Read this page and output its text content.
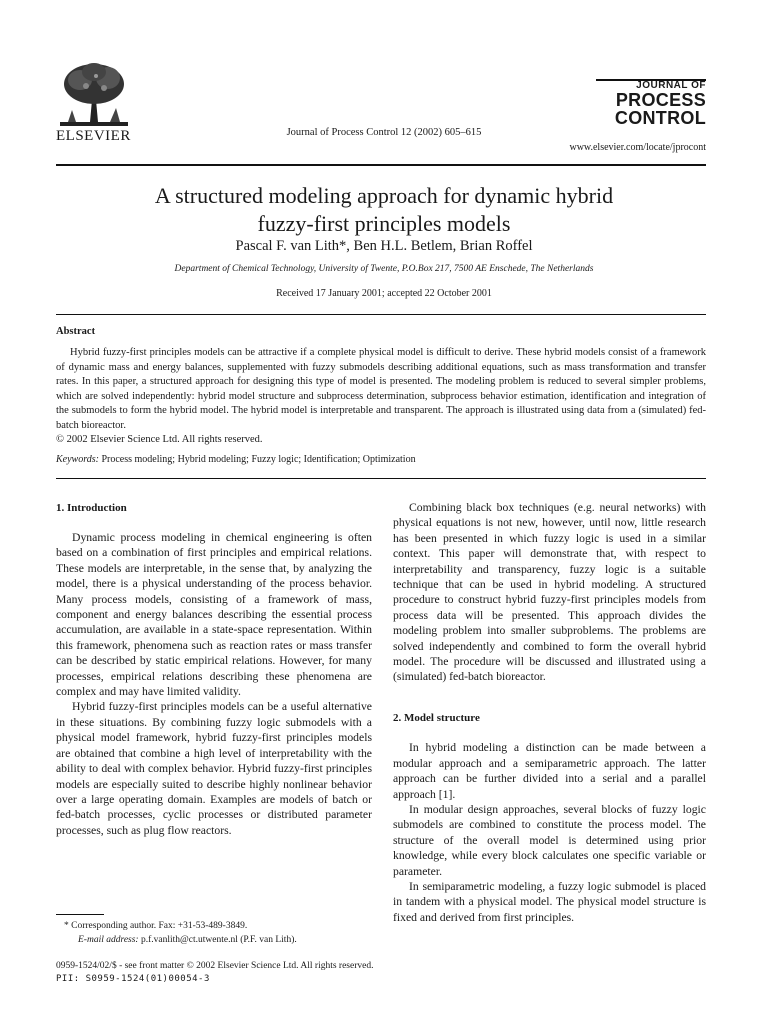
ELSEVIER	Journal of Process Control 12 (2002) 605–615
JOURNAL OF
PROCESS
CONTROL
www.elsevier.com/locate/jprocont
A structured modeling approach for dynamic hybrid
fuzzy-first principles models
Pascal F. van Lith*, Ben H.L. Betlem, Brian Roffel
Department of Chemical Technology, University of Twente, P.O.Box 217, 7500 AE Enschede, The Netherlands
Received 17 January 2001; accepted 22 October 2001
Abstract
Hybrid fuzzy-first principles models can be attractive if a complete physical model is difficult to derive. These hybrid models consist of a framework of dynamic mass and energy balances, supplemented with fuzzy submodels describing additional equations, such as mass transformation and transfer rates. In this paper, a structured approach for designing this type of model is presented. The modeling problem is reduced to several simpler problems, which are solved independently: hybrid model structure and subprocess determination, subprocess behavior estimation, identification and integration of the submodels to form the hybrid model. The hybrid model is interpretable and transparent. The approach is illustrated using data from a (simulated) fed-batch bioreactor.
© 2002 Elsevier Science Ltd. All rights reserved.
Keywords: Process modeling; Hybrid modeling; Fuzzy logic; Identification; Optimization
1. Introduction

Dynamic process modeling in chemical engineering is often based on a combination of first principles and empirical relations. These models are interpretable, in the sense that, by analyzing the model, there is a physical understanding of the process behavior. Many process models, consisting of a framework of mass, component and energy balances describing the essential process accumulation, are available in a state-space representation. Within this framework, phenomena such as reaction rates or mass transfer can be described by static empirical relations. However, for many processes, empirical relations describing these phenomena are complex and may have limited validity.

Hybrid fuzzy-first principles models can be a useful alternative in these situations. By combining fuzzy logic submodels with a physical model framework, hybrid fuzzy-first principles models are obtained that combine a high level of interpretability with the ability to deal with complex behavior. Hybrid fuzzy-first principles models are especially suited to describe highly nonlinear behavior over a large operating domain. Examples are models of batch or fed-batch processes, cyclic processes or distributed parameter processes, such as plug flow reactors.

Combining black box techniques (e.g. neural networks) with physical equations is not new, however, until now, little research has been presented in which fuzzy logic is used in a similar context. This paper will demonstrate that, with respect to interpretability and transparency, fuzzy logic is a suitable technique that can be used in hybrid modeling. A structured procedure to construct hybrid fuzzy-first principles models from process data will be presented. This approach divides the modeling problem into smaller subproblems. The problems are solved independently and combined to form the overall hybrid model. The procedure will be discussed and illustrated using a (simulated) fed-batch bioreactor.

2. Model structure

In hybrid modeling a distinction can be made between a modular approach and a semiparametric approach. The latter approach can be further divided into a serial and a parallel approach [1].

In modular design approaches, several blocks of fuzzy logic submodels are combined to constitute the process model. The structure of the overall model is determined using prior knowledge, while every block calculates one specific variable or parameter.

In semiparametric modeling, a fuzzy logic submodel is placed in tandem with a physical model. The physical model structure is fixed and derived from first principles.

* Corresponding author. Fax: +31-53-489-3849.
E-mail address: p.f.vanlith@ct.utwente.nl (P.F. van Lith).
0959-1524/02/$ - see front matter © 2002 Elsevier Science Ltd. All rights reserved.
PII: S0959-1524(01)00054-3
